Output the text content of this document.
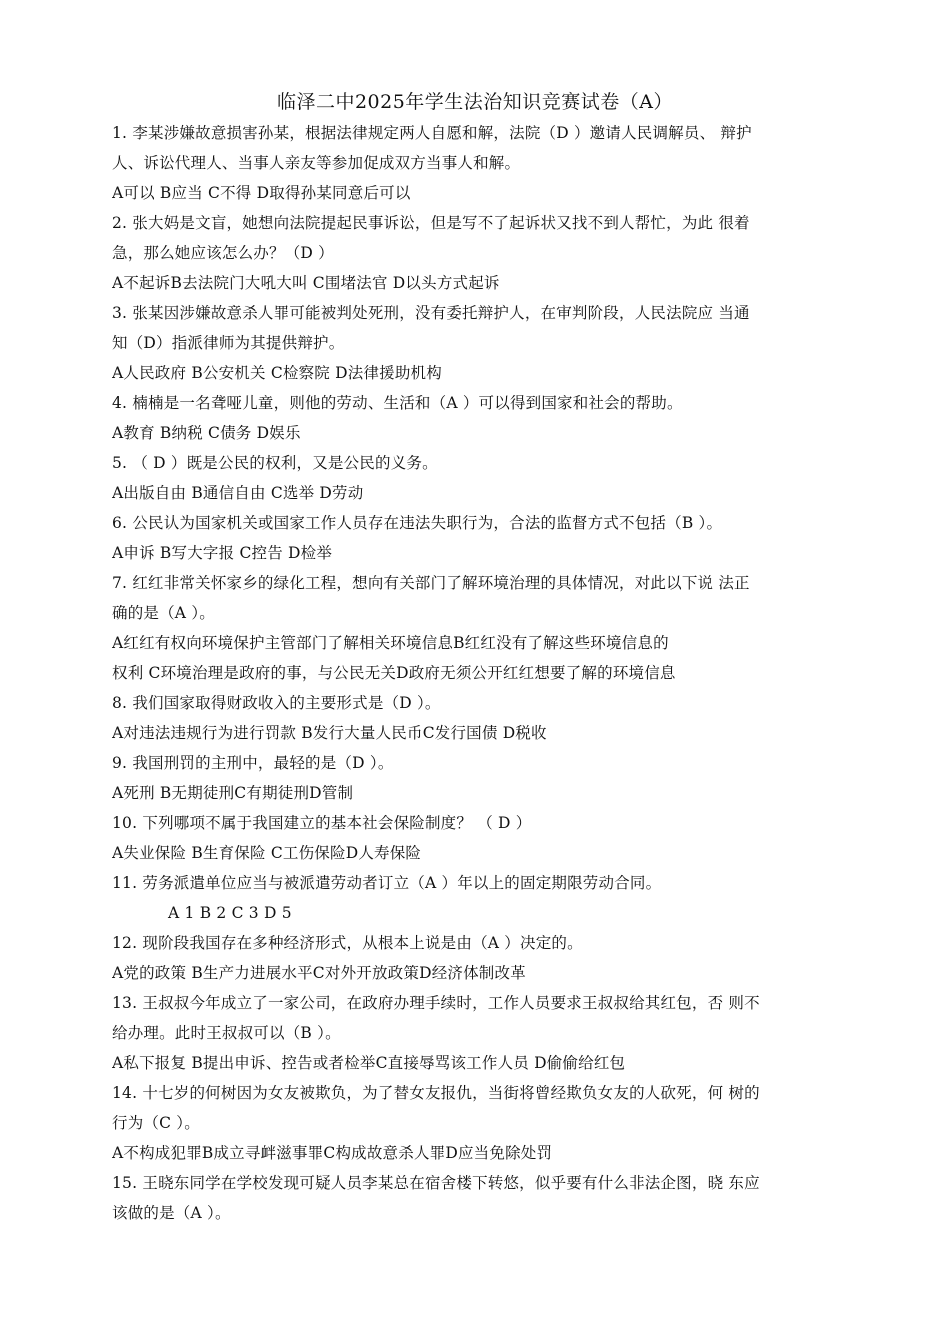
临泽二中2025年学生法治知识竞赛试卷（A）
1. 李某涉嫌故意损害孙某，根据法律规定两人自愿和解，法院（D ）邀请人民调解员、 辩护
人、诉讼代理人、当事人亲友等参加促成双方当事人和解。
A可以 B应当 C不得 D取得孙某同意后可以
2. 张大妈是文盲，她想向法院提起民事诉讼，但是写不了起诉状又找不到人帮忙，为此 很着
急，那么她应该怎么办？（D ）
A不起诉B去法院门大吼大叫 C围堵法官 D以头方式起诉
3. 张某因涉嫌故意杀人罪可能被判处死刑，没有委托辩护人，在审判阶段，人民法院应 当通
知（D）指派律师为其提供辩护。
A人民政府 B公安机关 C检察院 D法律援助机构
4. 楠楠是一名聋哑儿童，则他的劳动、生活和（A ）可以得到国家和社会的帮助。
A教育 B纳税 C债务 D娱乐
5. （ D ）既是公民的权利，又是公民的义务。
A出版自由 B通信自由 C选举 D劳动
6. 公民认为国家机关或国家工作人员存在违法失职行为，合法的监督方式不包括（B ）。
A申诉 B写大字报 C控告 D检举
7. 红红非常关怀家乡的绿化工程，想向有关部门了解环境治理的具体情况，对此以下说 法正
确的是（A ）。
A红红有权向环境保护主管部门了解相关环境信息B红红没有了解这些环境信息的
权利 C环境治理是政府的事，与公民无关D政府无须公开红红想要了解的环境信息
8. 我们国家取得财政收入的主要形式是（D ）。
A对违法违规行为进行罚款 B发行大量人民币C发行国债 D税收
9. 我国刑罚的主刑中，最轻的是（D ）。
A死刑 B无期徒刑C有期徒刑D管制
10. 下列哪项不属于我国建立的基本社会保险制度？ （ D ）
A失业保险 B生育保险 C工伤保险D人寿保险
11. 劳务派遣单位应当与被派遣劳动者订立（A ）年以上的固定期限劳动合同。
A 1 B 2 C 3 D 5
12. 现阶段我国存在多种经济形式，从根本上说是由（A ）决定的。
A党的政策 B生产力进展水平C对外开放政策D经济体制改革
13. 王叔叔今年成立了一家公司，在政府办理手续时，工作人员要求王叔叔给其红包，否 则不
给办理。此时王叔叔可以（B ）。
A私下报复 B提出申诉、控告或者检举C直接辱骂该工作人员 D偷偷给红包
14. 十七岁的何树因为女友被欺负，为了替女友报仇，当街将曾经欺负女友的人砍死，何 树的
行为（C ）。
A不构成犯罪B成立寻衅滋事罪C构成故意杀人罪D应当免除处罚
15. 王晓东同学在学校发现可疑人员李某总在宿舍楼下转悠，似乎要有什么非法企图，晓 东应
该做的是（A ）。
